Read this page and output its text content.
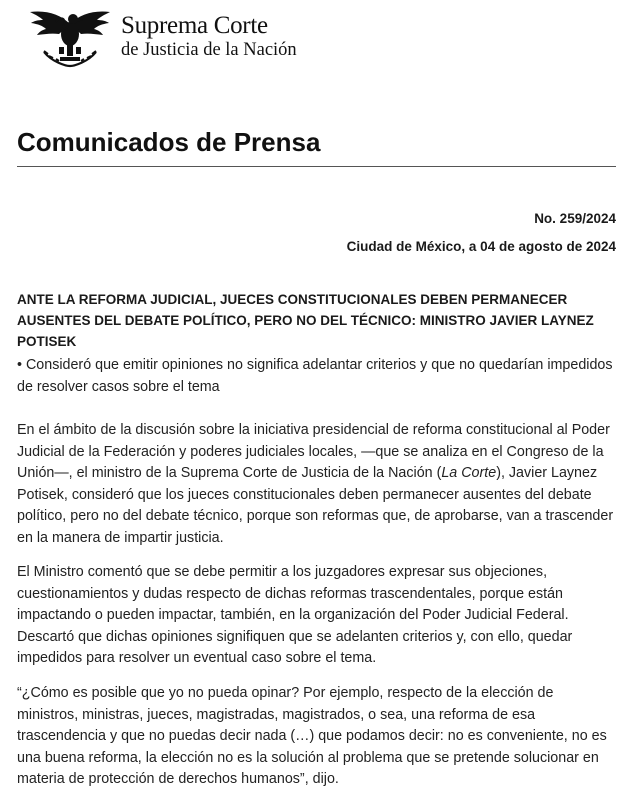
Suprema Corte
de Justicia de la Nación
Comunicados de Prensa
No. 259/2024
Ciudad de México, a 04 de agosto de 2024
ANTE LA REFORMA JUDICIAL, JUECES CONSTITUCIONALES DEBEN PERMANECER AUSENTES DEL DEBATE POLÍTICO, PERO NO DEL TÉCNICO: MINISTRO JAVIER LAYNEZ POTISEK

• Consideró que emitir opiniones no significa adelantar criterios y que no quedarían impedidos de resolver casos sobre el tema

En el ámbito de la discusión sobre la iniciativa presidencial de reforma constitucional al Poder Judicial de la Federación y poderes judiciales locales, —que se analiza en el Congreso de la Unión—, el ministro de la Suprema Corte de Justicia de la Nación (La Corte), Javier Laynez Potisek, consideró que los jueces constitucionales deben permanecer ausentes del debate político, pero no del debate técnico, porque son reformas que, de aprobarse, van a trascender en la manera de impartir justicia.

El Ministro comentó que se debe permitir a los juzgadores expresar sus objeciones, cuestionamientos y dudas respecto de dichas reformas trascendentales, porque están impactando o pueden impactar, también, en la organización del Poder Judicial Federal. Descartó que dichas opiniones signifiquen que se adelanten criterios y, con ello, quedar impedidos para resolver un eventual caso sobre el tema.

“¿Cómo es posible que yo no pueda opinar? Por ejemplo, respecto de la elección de ministros, ministras, jueces, magistradas, magistrados, o sea, una reforma de esa trascendencia y que no puedas decir nada (…) que podamos decir: no es conveniente, no es una buena reforma, la elección no es la solución al problema que se pretende solucionar en materia de protección de derechos humanos”, dijo.
